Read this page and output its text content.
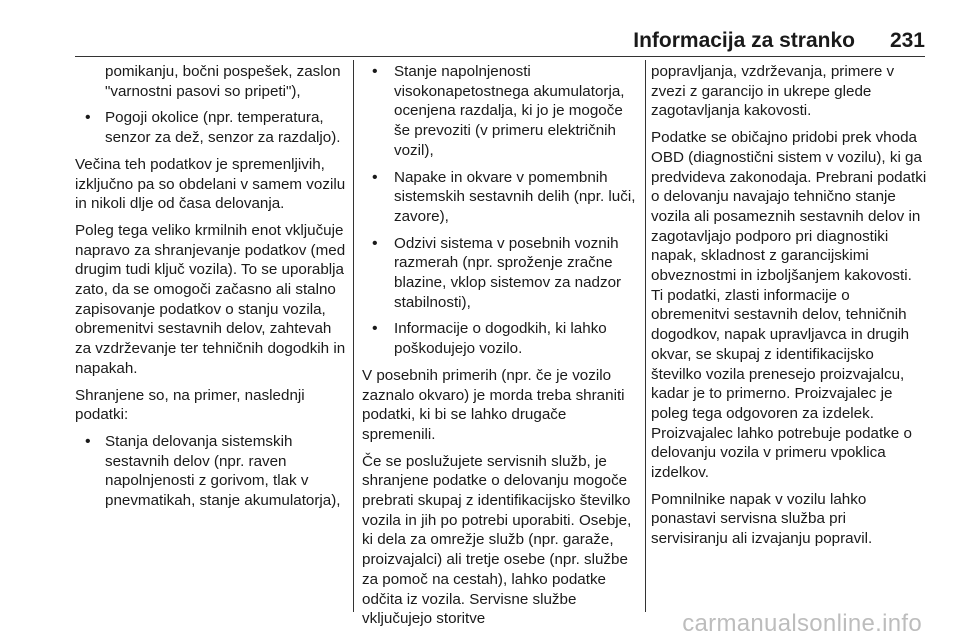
Informacija za stranko 231

pomikanju, bočni pospešek, zaslon "varnostni pasovi so pripeti"),

• Pogoji okolice (npr. temperatura, senzor za dež, senzor za razdaljo).

Večina teh podatkov je spremenljivih, izključno pa so obdelani v samem vozilu in nikoli dlje od časa delovanja.

Poleg tega veliko krmilnih enot vključuje napravo za shranjevanje podatkov (med drugim tudi ključ vozila). To se uporablja zato, da se omogoči začasno ali stalno zapisovanje podatkov o stanju vozila, obremenitvi sestavnih delov, zahtevah za vzdrževanje ter tehničnih dogodkih in napakah.

Shranjene so, na primer, naslednji podatki:

• Stanja delovanja sistemskih sestavnih delov (npr. raven napolnjenosti z gorivom, tlak v pnevmatikah, stanje akumulatorja),

• Stanje napolnjenosti visokonapetostnega akumulatorja, ocenjena razdalja, ki jo je mogoče še prevoziti (v primeru električnih vozil),

• Napake in okvare v pomembnih sistemskih sestavnih delih (npr. luči, zavore),

• Odzivi sistema v posebnih voznih razmerah (npr. sproženje zračne blazine, vklop sistemov za nadzor stabilnosti),

• Informacije o dogodkih, ki lahko poškodujejo vozilo.

V posebnih primerih (npr. če je vozilo zaznalo okvaro) je morda treba shraniti podatki, ki bi se lahko drugače spremenili.

Če se poslužujete servisnih služb, je shranjene podatke o delovanju mogoče prebrati skupaj z identifikacijsko številko vozila in jih po potrebi uporabiti. Osebje, ki dela za omrežje služb (npr. garaže, proizvajalci) ali tretje osebe (npr. službe za pomoč na cestah), lahko podatke odčita iz vozila. Servisne službe vključujejo storitve

popravljanja, vzdrževanja, primere v zvezi z garancijo in ukrepe glede zagotavljanja kakovosti.

Podatke se običajno pridobi prek vhoda OBD (diagnostični sistem v vozilu), ki ga predvideva zakonodaja. Prebrani podatki o delovanju navajajo tehnično stanje vozila ali posameznih sestavnih delov in zagotavljajo podporo pri diagnostiki napak, skladnost z garancijskimi obveznostmi in izboljšanjem kakovosti. Ti podatki, zlasti informacije o obremenitvi sestavnih delov, tehničnih dogodkov, napak upravljavca in drugih okvar, se skupaj z identifikacijsko številko vozila prenesejo proizvajalcu, kadar je to primerno. Proizvajalec je poleg tega odgovoren za izdelek. Proizvajalec lahko potrebuje podatke o delovanju vozila v primeru vpoklica izdelkov.

Pomnilnike napak v vozilu lahko ponastavi servisna služba pri servisiranju ali izvajanju popravil.

carmanualsonline.info
